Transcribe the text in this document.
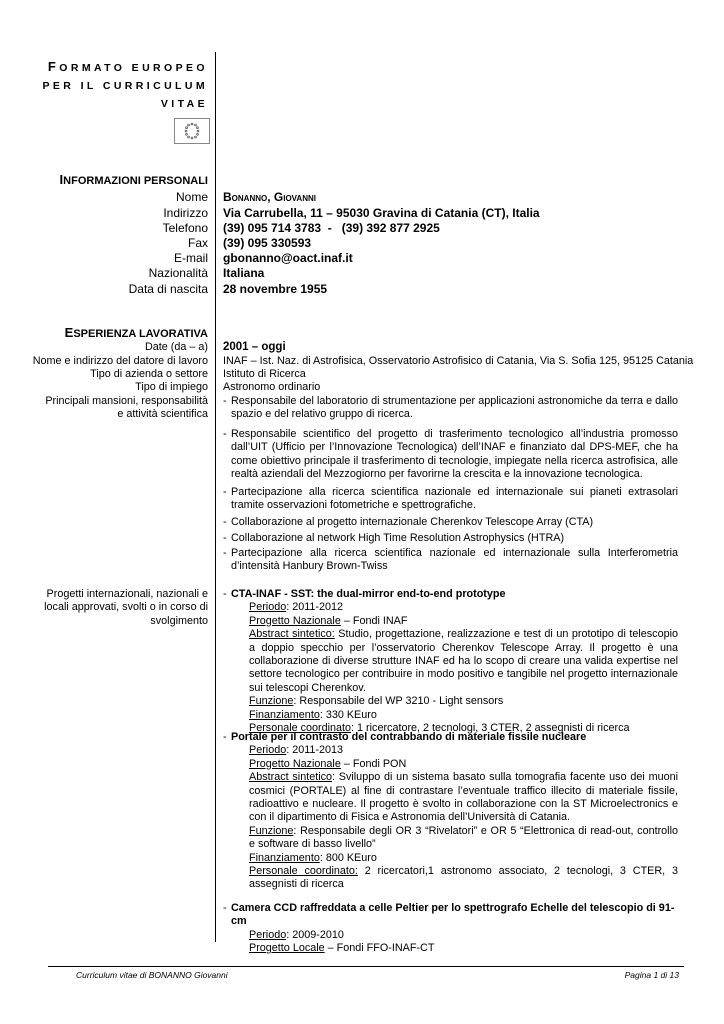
FORMATO EUROPEO
PER IL CURRICULUM
VITAE
INFORMAZIONI PERSONALI
Nome Bonanno, Giovanni
Indirizzo Via Carrubella, 11 – 95030 Gravina di Catania (CT), Italia
Telefono (39) 095 714 3783  -   (39) 392 877 2925
Fax (39) 095 330593
E-mail gbonanno@oact.inaf.it
Nazionalità Italiana
Data di nascita 28 novembre 1955
ESPERIENZA LAVORATIVA
Date (da – a) 2001 – oggi
Nome e indirizzo del datore di lavoro INAF – Ist. Naz. di Astrofisica, Osservatorio Astrofisico di Catania, Via S. Sofia 125, 95125 Catania
Tipo di azienda o settore Istituto di Ricerca
Tipo di impiego Astronomo ordinario
Principali mansioni, responsabilità
e attività scientifica
- Responsabile del laboratorio di strumentazione per applicazioni astronomiche da terra e dallo spazio e del relativo gruppo di ricerca.
- Responsabile scientifico del progetto di trasferimento tecnologico all’industria promosso dall’UIT (Ufficio per l’Innovazione Tecnologica) dell’INAF e finanziato dal DPS-MEF, che ha come obiettivo principale il trasferimento di tecnologie, impiegate nella ricerca astrofisica, alle realtà aziendali del Mezzogiorno per favorirne la crescita e la innovazione tecnologica.
- Partecipazione alla ricerca scientifica nazionale ed internazionale sui pianeti extrasolari tramite osservazioni fotometriche e spettrografiche.
- Collaborazione al progetto internazionale Cherenkov Telescope Array (CTA)
- Collaborazione al network High Time Resolution Astrophysics (HTRA)
- Partecipazione alla ricerca scientifica nazionale ed internazionale sulla Interferometria d’intensità Hanbury Brown-Twiss
Progetti internazionali, nazionali e locali approvati, svolti o in corso di svolgimento
- CTA-INAF - SST: the dual-mirror end-to-end prototype
Periodo: 2011-2012
Progetto Nazionale – Fondi INAF
Abstract sintetico: Studio, progettazione, realizzazione e test di un prototipo di telescopio a doppio specchio per l’osservatorio Cherenkov Telescope Array. Il progetto è una collaborazione di diverse strutture INAF ed ha lo scopo di creare una valida expertise nel settore tecnologico per contribuire in modo positivo e tangibile nel progetto internazionale sui telescopi Cherenkov.
Funzione: Responsabile del WP 3210 - Light sensors
Finanziamento: 330 KEuro
Personale coordinato: 1 ricercatore, 2 tecnologi, 3 CTER, 2 assegnisti di ricerca
- Portale per il contrasto del contrabbando di materiale fissile nucleare
Periodo: 2011-2013
Progetto Nazionale – Fondi PON
Abstract sintetico: Sviluppo di un sistema basato sulla tomografia facente uso dei muoni cosmici (PORTALE) al fine di contrastare l’eventuale traffico illecito di materiale fissile, radioattivo e nucleare. Il progetto è svolto in collaborazione con la ST Microelectronics e con il dipartimento di Fisica e Astronomia dell’Università di Catania.
Funzione: Responsabile degli OR 3 “Rivelatori” e OR 5 “Elettronica di read-out, controllo e software di basso livello”
Finanziamento: 800 KEuro
Personale coordinato: 2 ricercatori,1 astronomo associato, 2 tecnologi, 3 CTER, 3 assegnisti di ricerca
- Camera CCD raffreddata a celle Peltier per lo spettrografo Echelle del telescopio di 91-cm
Periodo: 2009-2010
Progetto Locale – Fondi FFO-INAF-CT
Curriculum vitae di BONANNO Giovanni	Pagina 1 di 13
